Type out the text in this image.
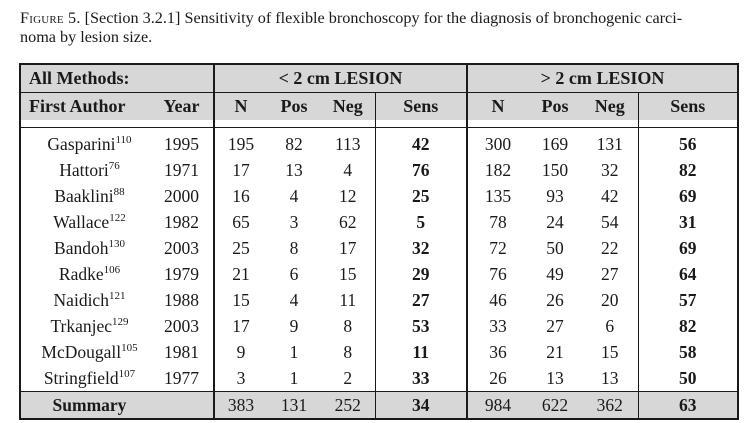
Figure 5. [Section 3.2.1] Sensitivity of flexible bronchoscopy for the diagnosis of bronchogenic carci-
noma by lesion size.
All Methods:		< 2 cm LESION				> 2 cm LESION			
First Author	Year	N	Pos	Neg	Sens	N	Pos	Neg	Sens

Gasparini$^{110}$	1995	195	82	113	42	300	169	131	56
Hattori$^{76}$	1971	17	13	4	76	182	150	32	82
Baaklini$^{88}$	2000	16	4	12	25	135	93	42	69
Wallace$^{122}$	1982	65	3	62	5	78	24	54	31
Bandoh$^{130}$	2003	25	8	17	32	72	50	22	69
Radke$^{106}$	1979	21	6	15	29	76	49	27	64
Naidich$^{121}$	1988	15	4	11	27	46	26	20	57
Trkanjec$^{129}$	2003	17	9	8	53	33	27	6	82
McDougall$^{105}$	1981	9	1	8	11	36	21	15	58
Stringfield$^{107}$	1977	3	1	2	33	26	13	13	50
Summary		383	131	252	34	984	622	362	63
